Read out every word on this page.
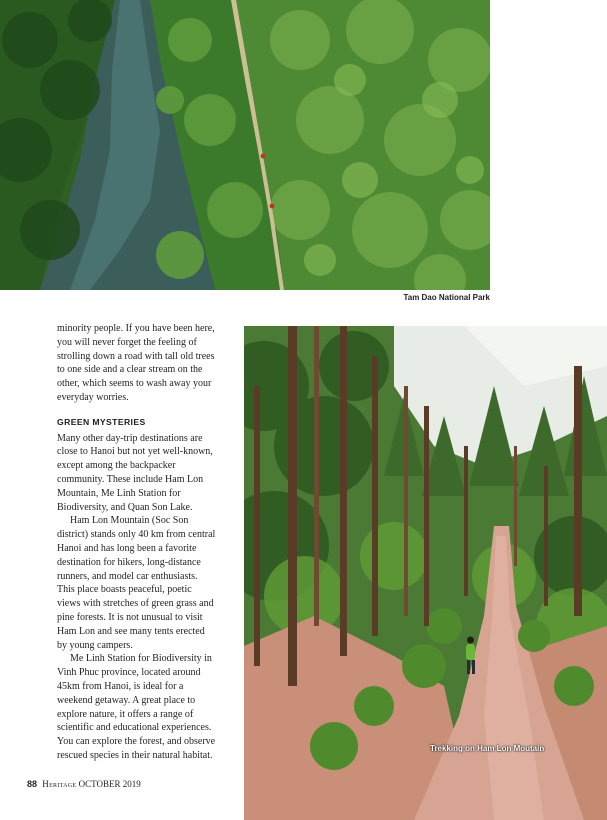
Tam Dao National Park

minority people. If you have been here, you will never forget the feeling of strolling down a road with tall old trees to one side and a clear stream on the other, which seems to wash away your everyday worries.

GREEN MYSTERIES

Many other day-trip destinations are close to Hanoi but not yet well-known, except among the backpacker community. These include Ham Lon Mountain, Me Linh Station for Biodiversity, and Quan Son Lake.

Ham Lon Mountain (Soc Son district) stands only 40 km from central Hanoi and has long been a favorite destination for hikers, long-distance runners, and model car enthusiasts. This place boasts peaceful, poetic views with stretches of green grass and pine forests. It is not unusual to visit Ham Lon and see many tents erected by young campers.

Me Linh Station for Biodiversity in Vinh Phuc province, located around 45km from Hanoi, is ideal for a weekend getaway. A great place to explore nature, it offers a range of scientific and educational experiences. You can explore the forest, and observe rescued species in their natural habitat.

Trekking on Ham Lon Moutain
88 Heritage OCTOBER 2019
